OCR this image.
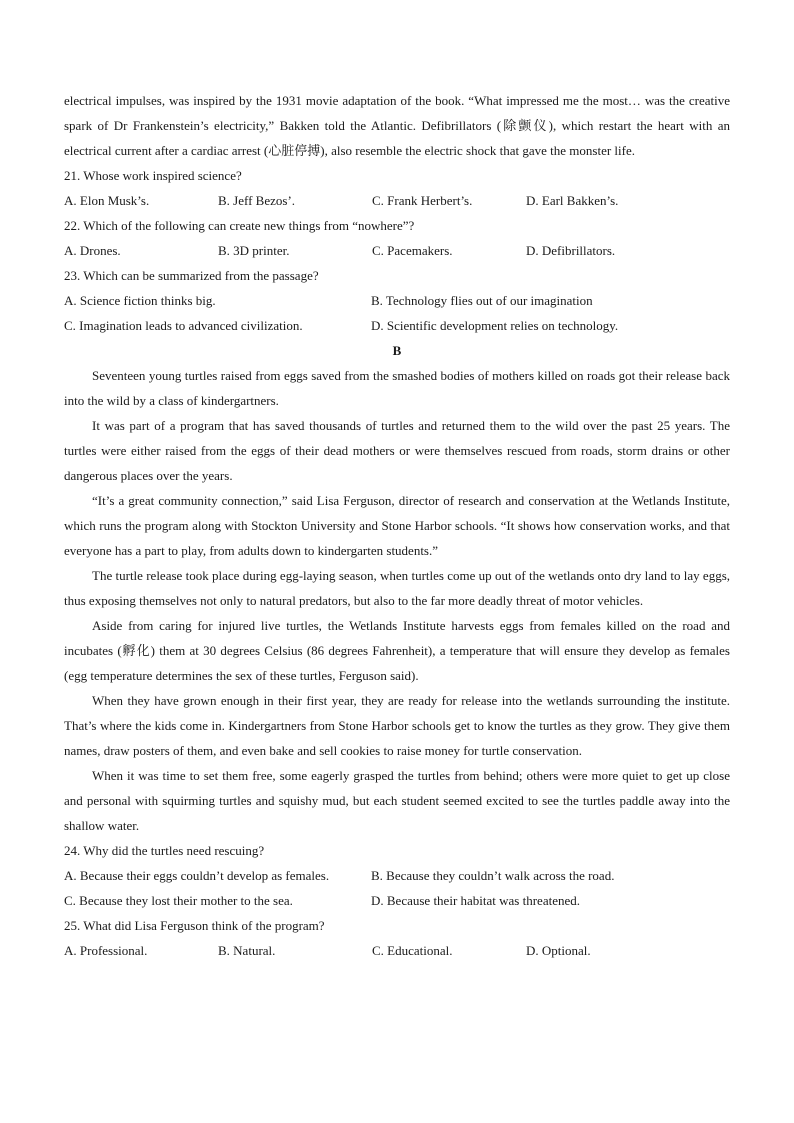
electrical impulses, was inspired by the 1931 movie adaptation of the book. “What impressed me the most… was the creative spark of Dr Frankenstein’s electricity,” Bakken told the Atlantic. Defibrillators (除颤仪), which restart the heart with an electrical current after a cardiac arrest (心脏停搏), also resemble the electric shock that gave the monster life.

21. Whose work inspired science?

A. Elon Musk’s.	B. Jeff Bezos’.	C. Frank Herbert’s.	D. Earl Bakken’s.

22. Which of the following can create new things from “nowhere”?

A. Drones.	B. 3D printer.	C. Pacemakers.	D. Defibrillators.

23. Which can be summarized from the passage?

A. Science fiction thinks big.	B. Technology flies out of our imagination
C. Imagination leads to advanced civilization.	D. Scientific development relies on technology.

B

Seventeen young turtles raised from eggs saved from the smashed bodies of mothers killed on roads got their release back into the wild by a class of kindergartners.

It was part of a program that has saved thousands of turtles and returned them to the wild over the past 25 years. The turtles were either raised from the eggs of their dead mothers or were themselves rescued from roads, storm drains or other dangerous places over the years.

“It’s a great community connection,” said Lisa Ferguson, director of research and conservation at the Wetlands Institute, which runs the program along with Stockton University and Stone Harbor schools. “It shows how conservation works, and that everyone has a part to play, from adults down to kindergarten students.”

The turtle release took place during egg-laying season, when turtles come up out of the wetlands onto dry land to lay eggs, thus exposing themselves not only to natural predators, but also to the far more deadly threat of motor vehicles.

Aside from caring for injured live turtles, the Wetlands Institute harvests eggs from females killed on the road and incubates (孵化) them at 30 degrees Celsius (86 degrees Fahrenheit), a temperature that will ensure they develop as females (egg temperature determines the sex of these turtles, Ferguson said).

When they have grown enough in their first year, they are ready for release into the wetlands surrounding the institute. That’s where the kids come in. Kindergartners from Stone Harbor schools get to know the turtles as they grow. They give them names, draw posters of them, and even bake and sell cookies to raise money for turtle conservation.

When it was time to set them free, some eagerly grasped the turtles from behind; others were more quiet to get up close and personal with squirming turtles and squishy mud, but each student seemed excited to see the turtles paddle away into the shallow water.

24. Why did the turtles need rescuing?

A. Because their eggs couldn’t develop as females.	B. Because they couldn’t walk across the road.
C. Because they lost their mother to the sea.	D. Because their habitat was threatened.

25. What did Lisa Ferguson think of the program?

A. Professional.	B. Natural.	C. Educational.	D. Optional.
